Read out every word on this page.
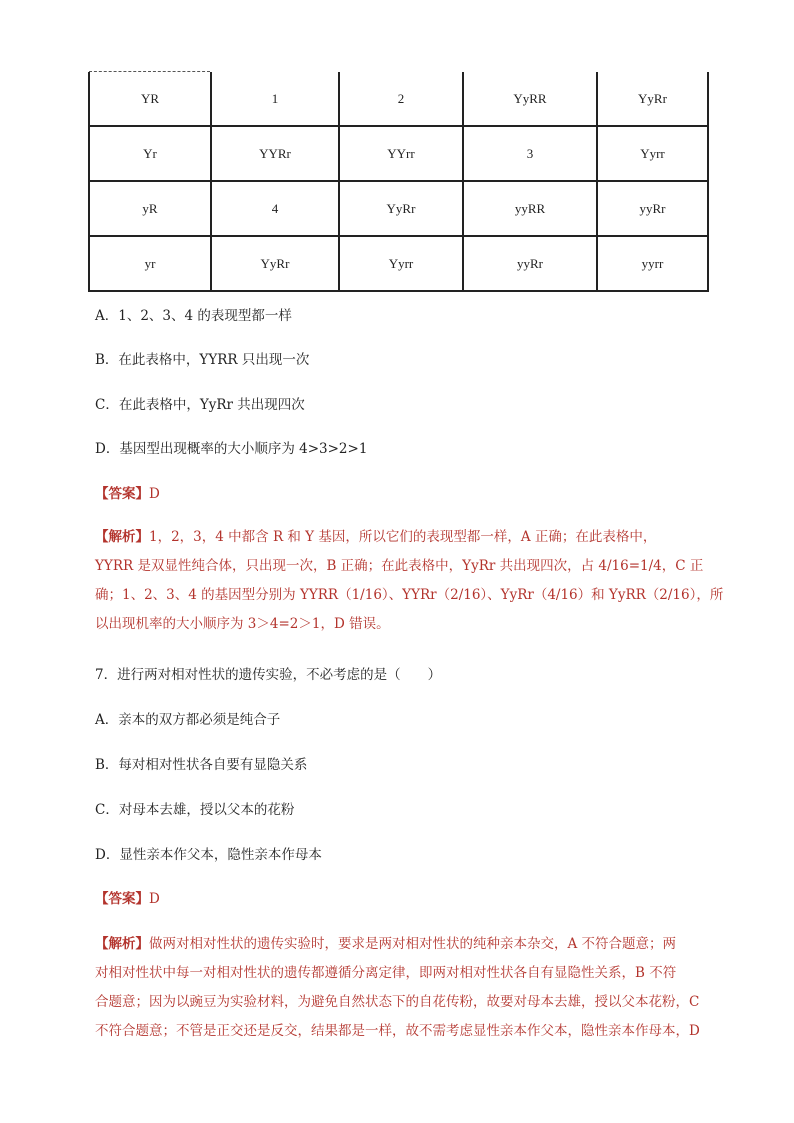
YR	1	2	YyRR	YyRr
Yr	YYRr	YYrr	3	Yyrr
yR	4	YyRr	yyRR	yyRr
yr	YyRr	Yyrr	yyRr	yyrr
A．1、2、3、4 的表现型都一样
B．在此表格中，YYRR 只出现一次
C．在此表格中，YyRr 共出现四次
D．基因型出现概率的大小顺序为 4>3>2>1
【答案】D

【解析】1，2，3，4 中都含 R 和 Y 基因，所以它们的表现型都一样，A 正确；在此表格中，

YYRR 是双显性纯合体，只出现一次，B 正确；在此表格中，YyRr 共出现四次，占 4/16=1/4，C 正

确；1、2、3、4 的基因型分别为 YYRR（1/16）、YYRr（2/16）、YyRr（4/16）和 YyRR（2/16），所

以出现机率的大小顺序为 3＞4=2＞1，D 错误。

7．进行两对相对性状的遗传实验，不必考虑的是（　　）
A．亲本的双方都必须是纯合子
B．每对相对性状各自要有显隐关系
C．对母本去雄，授以父本的花粉
D．显性亲本作父本，隐性亲本作母本
【答案】D

【解析】做两对相对性状的遗传实验时，要求是两对相对性状的纯种亲本杂交，A 不符合题意；两

对相对性状中每一对相对性状的遗传都遵循分离定律，即两对相对性状各自有显隐性关系，B 不符

合题意；因为以豌豆为实验材料，为避免自然状态下的自花传粉，故要对母本去雄，授以父本花粉，C

不符合题意；不管是正交还是反交，结果都是一样，故不需考虑显性亲本作父本，隐性亲本作母本，D
